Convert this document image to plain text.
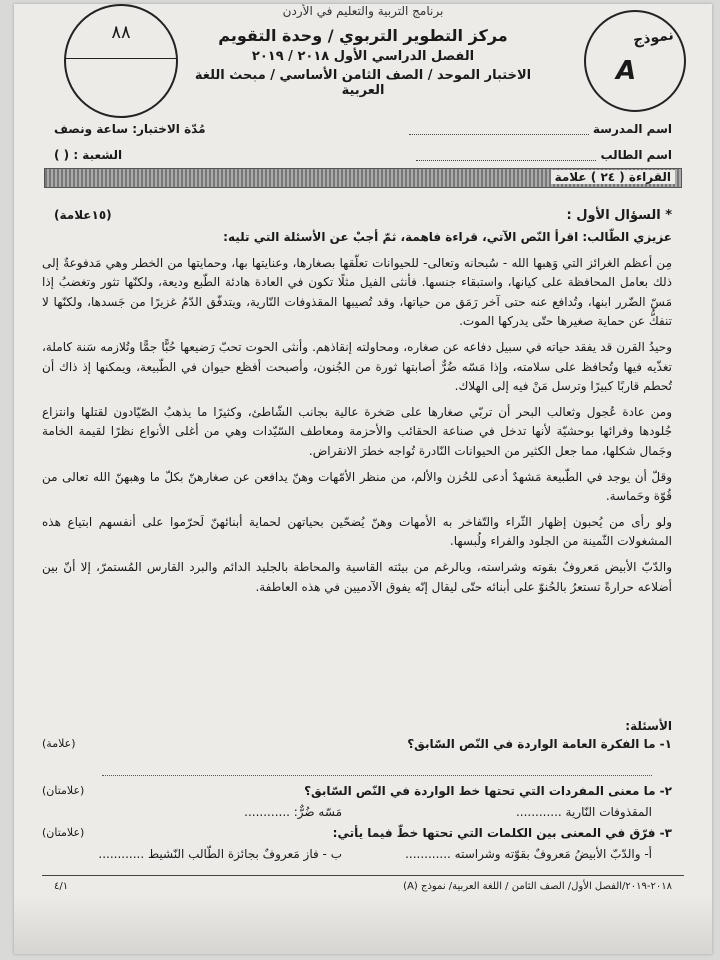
برنامج التربية والتعليم في الأردن
٨٨	نموذج
A
مركز التطوير التربوي / وحدة التقويم
الفصل الدراسي الأول ٢٠١٨ / ٢٠١٩
الاختبار الموحد / الصف الثامن الأساسي / مبحث اللغة العربية
اسم المدرسة
مُدّة الاختبار: ساعة ونصف
اسم الطالب
الشعبة : ( )
القراءة ( ٢٤ ) علامة
* السؤال الأول :
(١٥علامة)

عزيزي الطّالب: اقرأ النّص الآتي، قراءة فاهمة، ثمّ أجبْ عن الأسئلة التي تليه:

مِن أعظم الغرائز التي وَهبها الله - سُبحانه وتعالى- للحيوانات تعلّقها بصغارها، وعنايتها بها، وحمايتها من الخطر وهي مَدفوعةٌ إلى ذلك بعامل المحافظة على كيانها، واستبقاء جنسها. فأنثى الفيل مثلًا تكون في العادة هادئة الطّبع وديعة، ولكنّها تثور وتغضبُ إذا مَسّ الضّرر ابنها، وتُدافع عنه حتى آخر رَمَق من حياتها، وقد تُصيبها المقذوفات النّارية، ويتدفّق الدّمُ غزيرًا من جَسدها، ولكنّها لا تنفكُّ عن حماية صغيرها حتّى يدركها الموت.

وحيدُ القرن قد يفقد حياته في سبيل دفاعه عن صغاره، ومحاولته إنقاذهم. وأنثى الحوت تحبّ رَضيعها حُبًّا جمًّا وتُلازمه سَنة كاملة، تغذّيه فيها وتُحافظ على سلامته، وإذا مَسّه ضُرٌّ أصابتها ثورة من الجُنون، وأصبحت أفظع حيوان في الطّبيعة، ويمكنها إذ ذاك أن تُحطم قاربًا كبيرًا وترسل مَنْ فيه إلى الهلاك.

ومن عادة عُجول وثعالب البحر أن تربّي صغارها على صَخرة عالية بجانب الشّاطئ، وكثيرًا ما يذهبُ الصّيّادون لقتلها وانتزاع جُلودها وفرائها بوحشيّة لأنها تدخل في صناعة الحقائب والأحزمة ومعاطف السّيّدات وهي من أغلى الأنواع نظرًا لقيمة الخامة وجَمال شكلها، مما جعل الكثير من الحيوانات النّادرة تُواجه خطرَ الانقراض.

وقلّ أن يوجد في الطّبيعة مَشهدٌ أدعى للحُزن والألم، من منظر الأمّهات وهنّ يدافعن عن صغارهنّ بكلّ ما وهبهنّ الله تعالى من قُوّة وحَماسة.

ولو رأى من يُحبون إظهار الثّراء والتّفاخر به الأمهات وهنّ يُضحّين بحياتهن لحماية أبنائهنّ لَحرّموا على أنفسهم ابتياع هذه المشغولات الثّمينة من الجلود والفراء ولُبسها.

والدّبّ الأبيض مَعروفٌ بقوته وشراسته، وبالرغم من بيئته القاسية والمحاطة بالجليد الدائم والبرد القارس المُستمرّ، إلا أنّ بين أضلاعه حرارةً تستعرُ بالحُنوّ على أبنائه حتّى ليقال إنّه يفوق الآدميين في هذه العاطفة.

الأسئلة:
١- ما الفكرة العامة الواردة في النّص السّابق؟
(علامة)
٢- ما معنى المفردات التي تحتها خط الواردة في النّص السّابق؟
(علامتان)
المقذوفات النّارية ............
مَسّه ضُرٌّ: ............
٣- فرّق في المعنى بين الكلمات التي تحتها خطّ فيما يأتي:
(علامتان)
أ- والدّبّ الأبيضُ مَعروفٌ بقوّته وشراسته ............
ب - فاز مَعروفٌ بجائزة الطّالب النّشيط ............
٢٠١٨-٢٠١٩/الفصل الأول/ الصف الثامن / اللغة العربية/ نموذج (A)
٤/١
